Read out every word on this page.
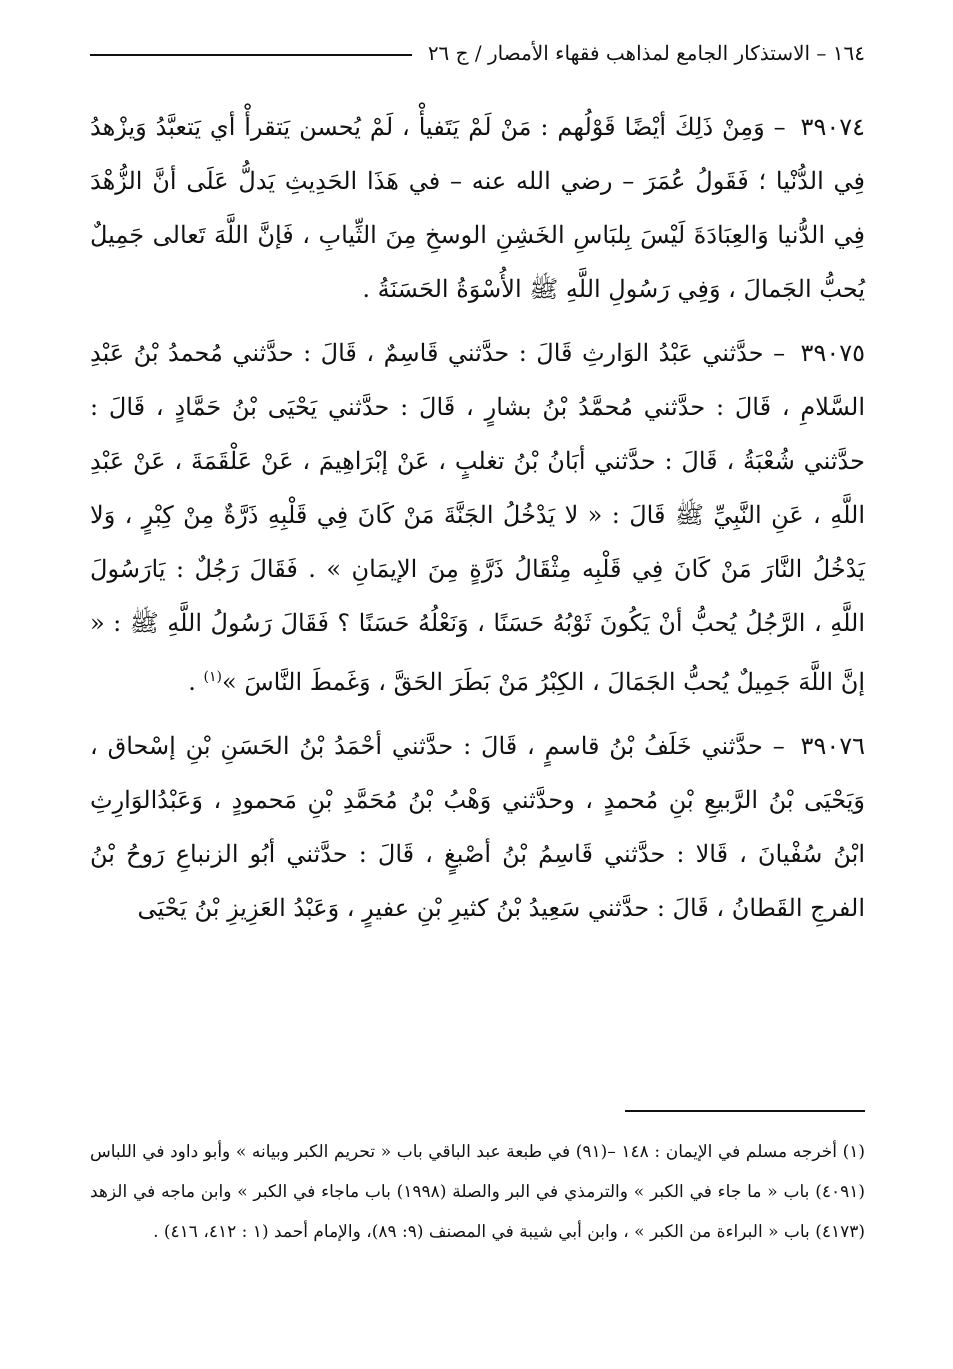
١٦٤ – الاستذكار الجامع لمذاهب فقهاء الأمصار / ج ٢٦

٣٩٠٧٤ – وَمِنْ ذَلِكَ أيْضًا قَوْلُهم : مَنْ لَمْ يَتَفيأْ ، لَمْ يُحسن يَتقرأْ أي يَتعبَّدُ وَيزْهدُ فِي الدُّنْيا ؛ فَقَولُ عُمَرَ – رضي الله عنه – في هَذَا الحَدِيثِ يَدلُّ عَلَى أنَّ الزُّهْدَ فِي الدُّنيا وَالعِبَادَةَ لَيْسَ بِلبَاسِ الخَشِنِ الوسخِ مِنَ الثِّيابِ ، فَإنَّ اللَّهَ تَعالى جَمِيلٌ يُحبُّ الجَمالَ ، وَفِي رَسُولِ اللَّهِ ﷺ الأُسْوَةُ الحَسَنَةُ .

٣٩٠٧٥ – حدَّثني عَبْدُ الوَارثِ قَالَ : حدَّثني قَاسِمٌ ، قَالَ : حدَّثني مُحمدُ بْنُ عَبْدِ السَّلامِ ، قَالَ : حدَّثني مُحمَّدُ بْنُ بشارٍ ، قَالَ : حدَّثني يَحْيَى بْنُ حَمَّادٍ ، قَالَ : حدَّثني شُعْبَةُ ، قَالَ : حدَّثني أبَانُ بْنُ تغلبٍ ، عَنْ إبْرَاهِيمَ ، عَنْ عَلْقَمَةَ ، عَنْ عَبْدِ اللَّهِ ، عَنِ النَّبِيِّ ﷺ قَالَ : « لا يَدْخُلُ الجَنَّةَ مَنْ كَانَ فِي قَلْبِهِ ذَرَّةٌ مِنْ كِبْرٍ ، وَلا يَدْخُلُ النَّارَ مَنْ كَانَ فِي قَلْبِه مِثْقَالُ ذَرَّةٍ مِنَ الإيمَانِ » . فَقَالَ رَجُلٌ : يَارَسُولَ اللَّهِ ، الرَّجُلُ يُحبُّ أنْ يَكُونَ ثَوْبُهُ حَسَنًا ، وَنَعْلُهُ حَسَنًا ؟ فَقَالَ رَسُولُ اللَّهِ ﷺ : « إنَّ اللَّهَ جَمِيلٌ يُحبُّ الجَمَالَ ، الكِبْرُ مَنْ بَطَرَ الحَقَّ ، وَغَمطَ النَّاسَ »$^{(١)}$ .

٣٩٠٧٦ – حدَّثني خَلَفُ بْنُ قاسمٍ ، قَالَ : حدَّثني أحْمَدُ بْنُ الحَسَنِ بْنِ إسْحاق ، وَيَحْيَى بْنُ الرَّبيعِ بْنِ مُحمدٍ ، وحدَّثني وَهْبُ بْنُ مُحَمَّدِ بْنِ مَحمودٍ ، وَعَبْدُالوَارِثِ ابْنُ سُفْيانَ ، قَالا : حدَّثني قَاسِمُ بْنُ أصْبغٍ ، قَالَ : حدَّثني أبُو الزنباعِ رَوحُ بْنُ الفرجِ القَطانُ ، قَالَ : حدَّثني سَعِيدُ بْنُ كثيرِ بْنِ عفيرٍ ، وَعَبْدُ العَزِيزِ بْنُ يَحْيَى

(١) أخرجه مسلم في الإيمان : ١٤٨ –(٩١) في طبعة عبد الباقي باب « تحريم الكبر وبيانه » وأبو داود في اللباس (٤٠٩١) باب « ما جاء في الكبر » والترمذي في البر والصلة (١٩٩٨) باب ماجاء في الكبر » وابن ماجه في الزهد (٤١٧٣) باب « البراءة من الكبر » ، وابن أبي شيبة في المصنف (٩: ٨٩)، والإمام أحمد (١ : ٤١٢، ٤١٦) .
